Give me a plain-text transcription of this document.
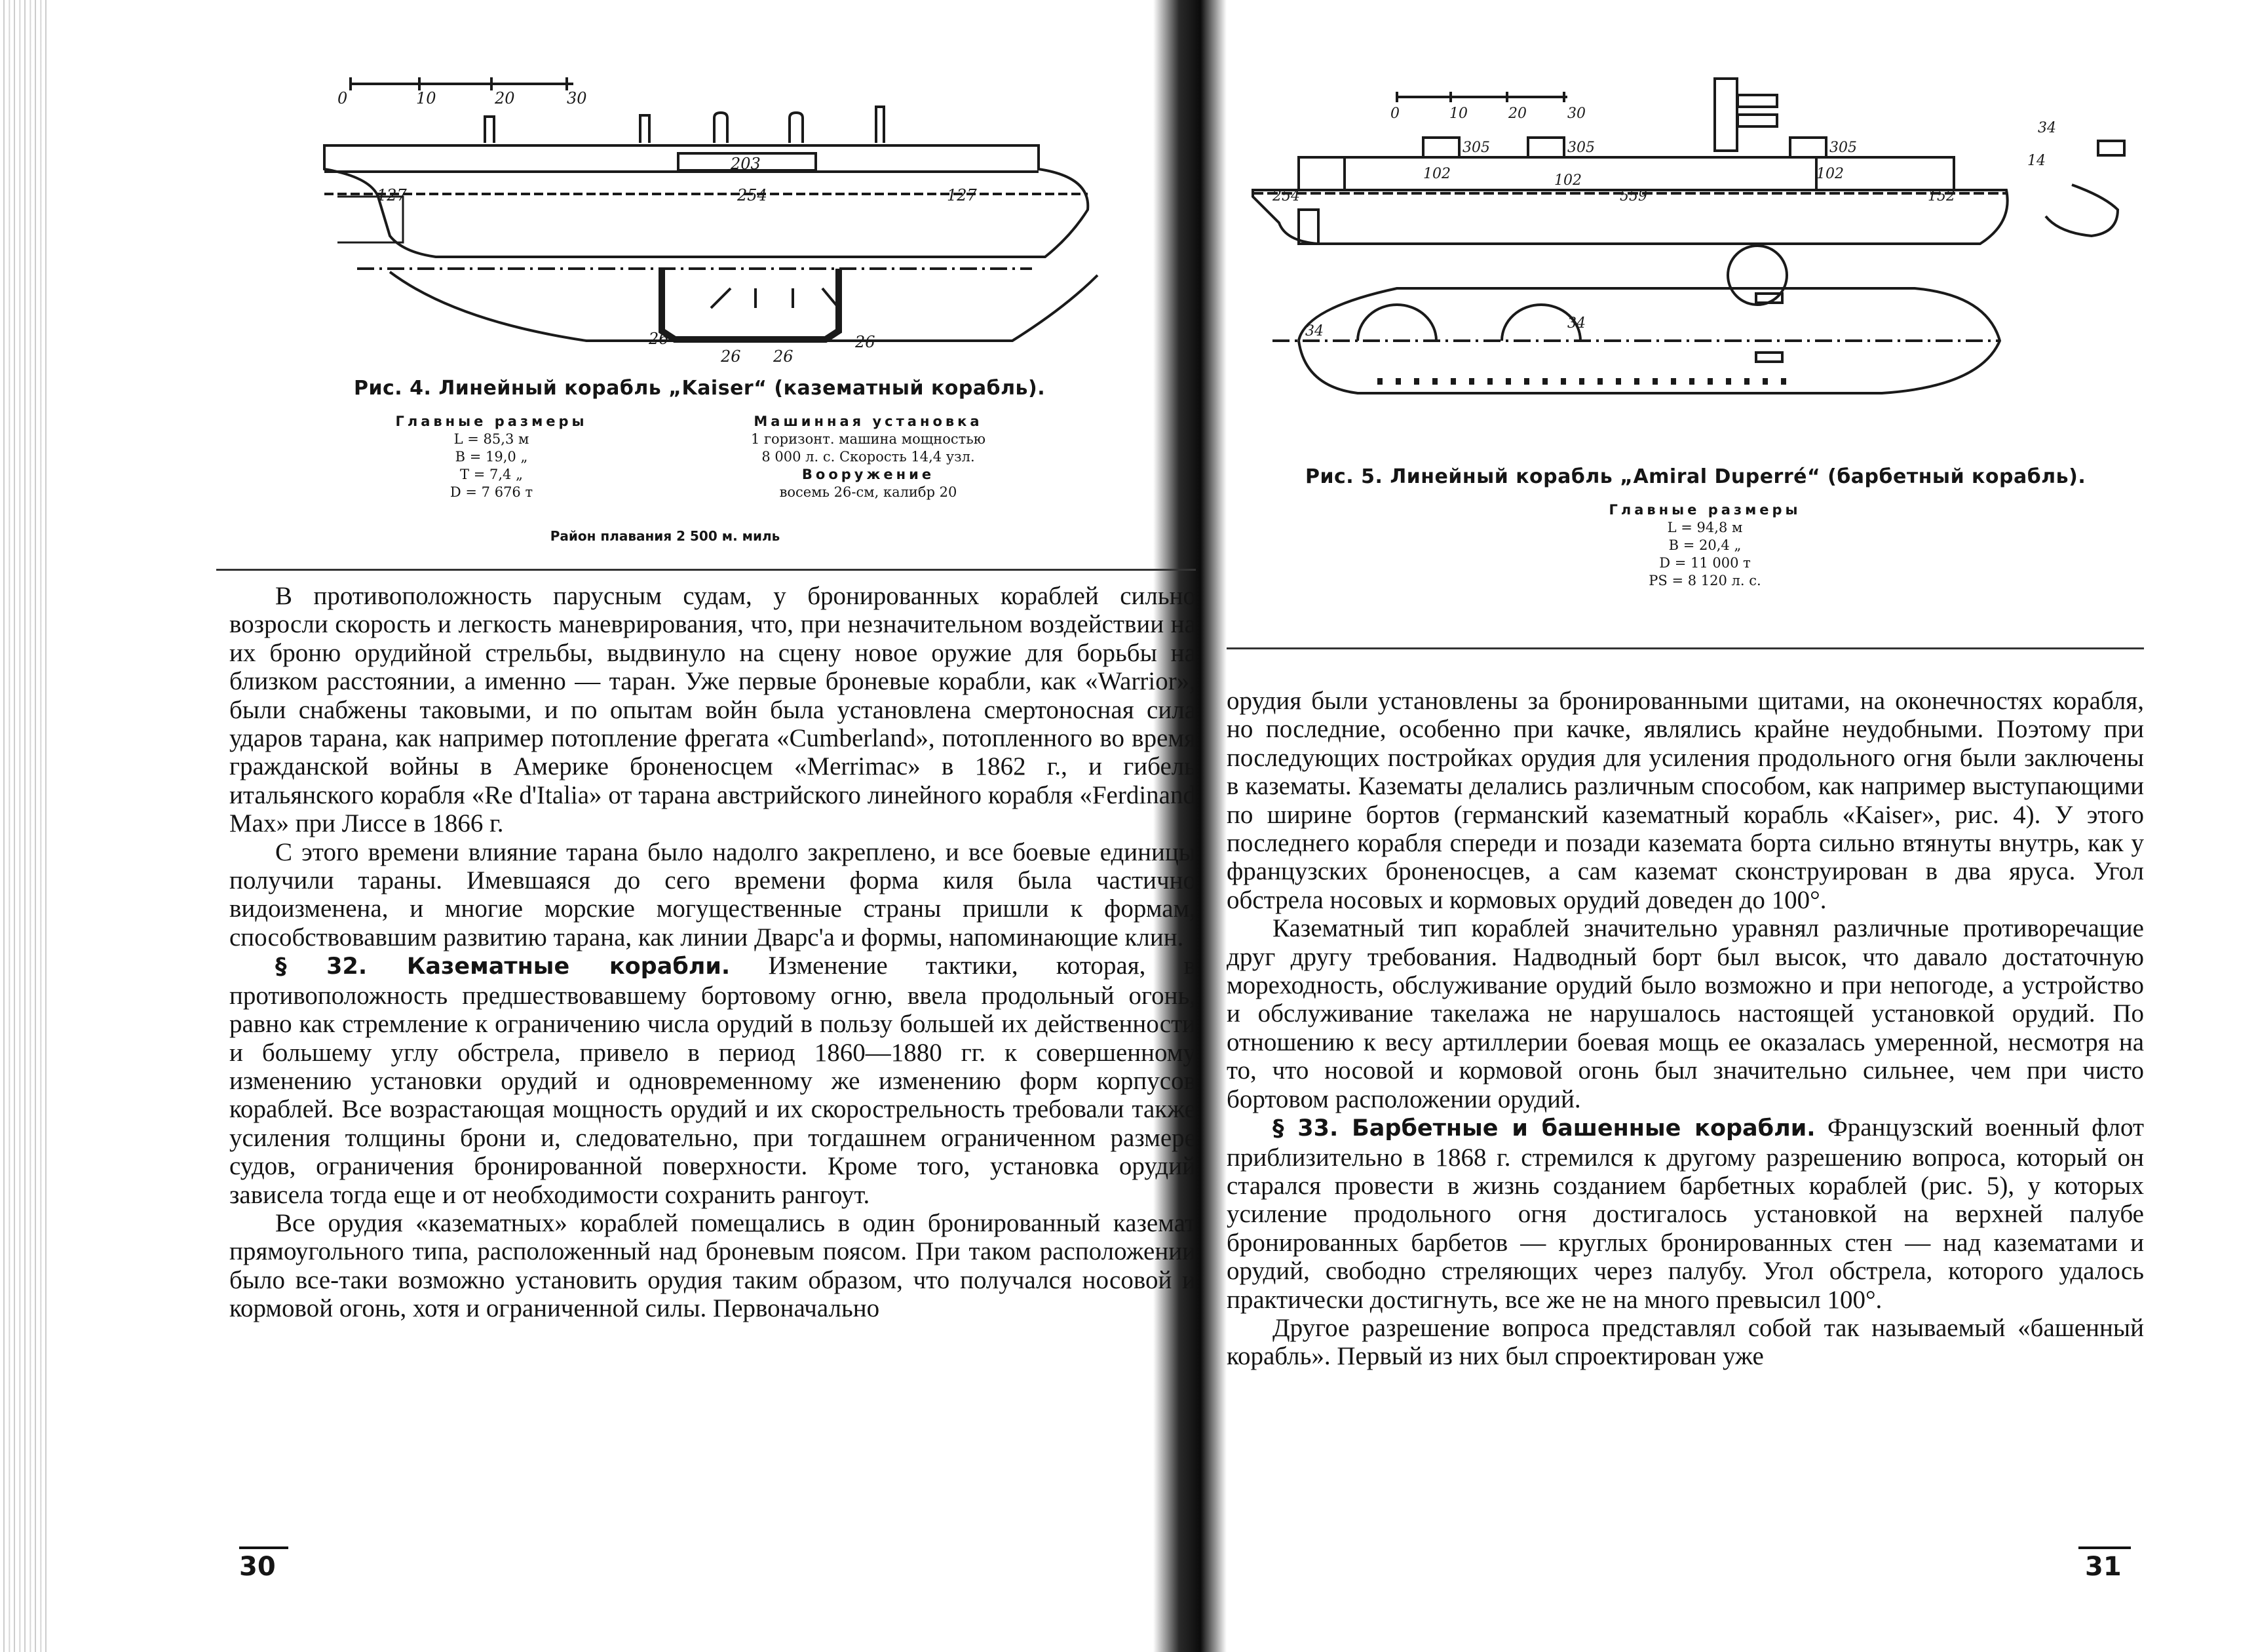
0	10	20	30
203
127	254	127
26
26 26
26
Рис. 4. Линейный корабль „Kaiser“ (казематный корабль).
Главные размеры
L = 85,3 м
B = 19,0 „
T = 7,4 „
D = 7 676 т
Машинная установка
1 горизонт. машина мощностью
8 000 л. с. Скорость 14,4 узл.
Вооружение
восемь 26-см, калибр 20
Район плавания 2 500 м. миль

В противоположность парусным судам, у бронированных кораблей сильно возросли скорость и легкость маневрирования, что, при незначительном воздействии на их броню орудийной стрельбы, выдвинуло на сцену новое оружие для борьбы на близком расстоянии, а именно — таран. Уже первые броневые корабли, как «Warrior», были снабжены таковыми, и по опытам войн была установлена смертоносная сила ударов тарана, как например потопление фрегата «Cumberland», потопленного во время гражданской войны в Америке броненосцем «Merrimac» в 1862 г., и гибель итальянского корабля «Re d'Italia» от тарана австрийского линейного корабля «Ferdinand Max» при Лиссе в 1866 г.

С этого времени влияние тарана было надолго закреплено, и все боевые единицы получили тараны. Имевшаяся до сего времени форма киля была частично видоизменена, и многие морские могущественные страны пришли к формам, способствовавшим развитию тарана, как линии Дварс'а и формы, напоминающие клин.

§ 32. Казематные корабли. Изменение тактики, которая, в противоположность предшествовавшему бортовому огню, ввела продольный огонь, равно как стремление к ограничению числа орудий в пользу большей их действенности и большему углу обстрела, привело в период 1860—1880 гг. к совершенному изменению установки орудий и одновременному же изменению форм корпусов кораблей. Все возрастающая мощность орудий и их скорострельность требовали также усиления толщины брони и, следовательно, при тогдашнем ограниченном размере судов, ограничения бронированной поверхности. Кроме того, установка орудий зависела тогда еще и от необходимости сохранить рангоут.

Все орудия «казематных» кораблей помещались в один бронированный каземат прямоугольного типа, расположенный над броневым поясом. При таком расположении было все-таки возможно установить орудия таким образом, что получался носовой и кормовой огонь, хотя и ограниченной силы. Первоначально

30
0	10	20	30
305	305	305
102	102	102
254	559	152
34	34
34
14
Рис. 5. Линейный корабль „Amiral Duperré“ (барбетный корабль).
Главные размеры
L = 94,8 м
B = 20,4 „
D = 11 000 т
PS = 8 120 л. с.

орудия были установлены за бронированными щитами, на оконечностях корабля, но последние, особенно при качке, являлись крайне неудобными. Поэтому при последующих постройках орудия для усиления продольного огня были заключены в казематы. Казематы делались различным способом, как например выступающими по ширине бортов (германский казематный корабль «Kaiser», рис. 4). У этого последнего корабля спереди и позади каземата борта сильно втянуты внутрь, как у французских броненосцев, а сам каземат сконструирован в два яруса. Угол обстрела носовых и кормовых орудий доведен до 100°.

Казематный тип кораблей значительно уравнял различные противоречащие друг другу требования. Надводный борт был высок, что давало достаточную мореходность, обслуживание орудий было возможно и при непогоде, а устройство и обслуживание такелажа не нарушалось настоящей установкой орудий. По отношению к весу артиллерии боевая мощь ее оказалась умеренной, несмотря на то, что носовой и кормовой огонь был значительно сильнее, чем при чисто бортовом расположении орудий.

§ 33. Барбетные и башенные корабли. Французский военный флот приблизительно в 1868 г. стремился к другому разрешению вопроса, который он старался провести в жизнь созданием барбетных кораблей (рис. 5), у которых усиление продольного огня достигалось установкой на верхней палубе бронированных барбетов — круглых бронированных стен — над казематами и орудий, свободно стреляющих через палубу. Угол обстрела, которого удалось практически достигнуть, все же не на много превысил 100°.

Другое разрешение вопроса представлял собой так называемый «башенный корабль». Первый из них был спроектирован уже

31
